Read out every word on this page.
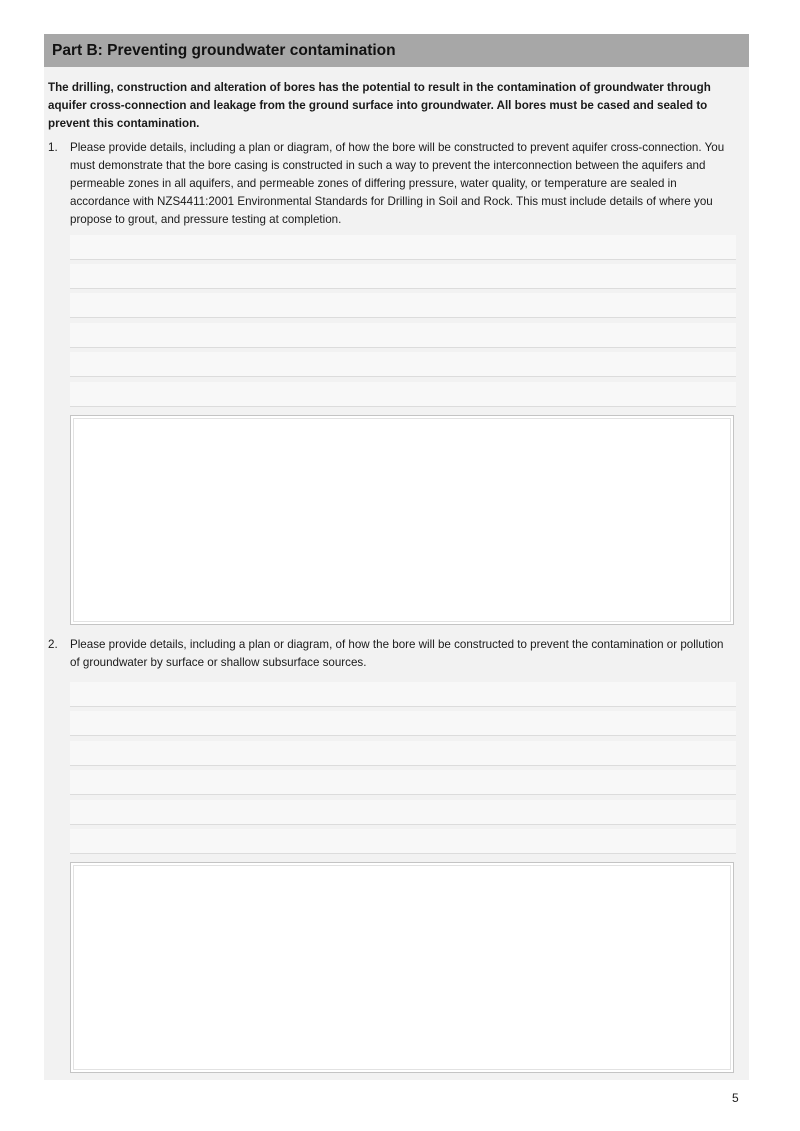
Part B: Preventing groundwater contamination

The drilling, construction and alteration of bores has the potential to result in the contamination of groundwater through aquifer cross-connection and leakage from the ground surface into groundwater. All bores must be cased and sealed to prevent this contamination.

1. Please provide details, including a plan or diagram, of how the bore will be constructed to prevent aquifer cross-connection. You must demonstrate that the bore casing is constructed in such a way to prevent the interconnection between the aquifers and permeable zones in all aquifers, and permeable zones of differing pressure, water quality, or temperature are sealed in accordance with NZS4411:2001 Environmental Standards for Drilling in Soil and Rock. This must include details of where you propose to grout, and pressure testing at completion.

2. Please provide details, including a plan or diagram, of how the bore will be constructed to prevent the contamination or pollution of groundwater by surface or shallow subsurface sources.

5
